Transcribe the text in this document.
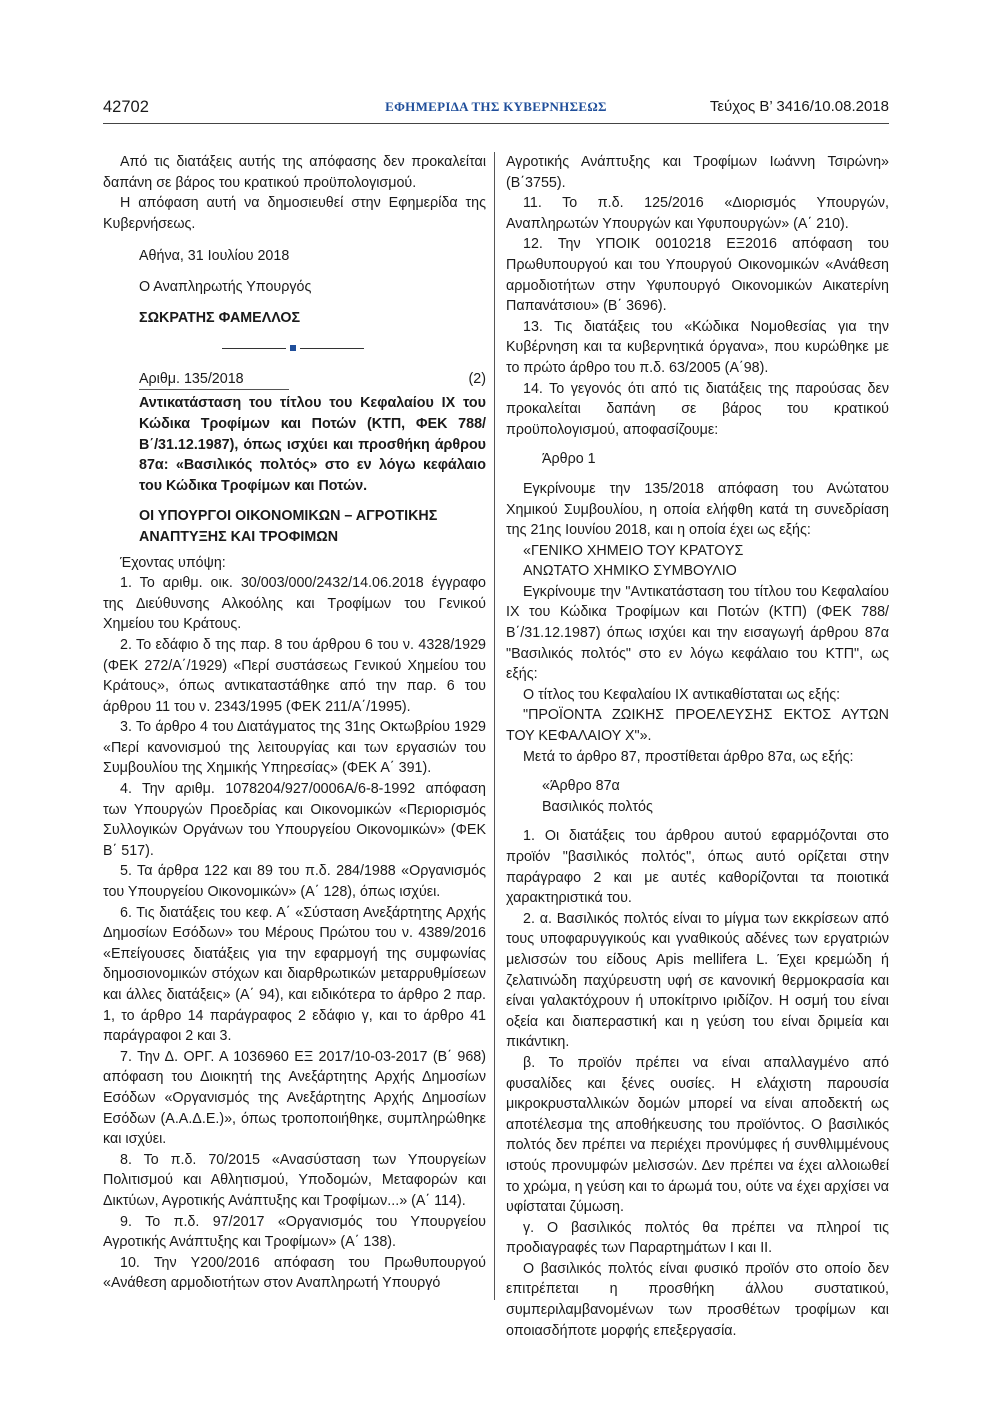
42702	ΕΦΗΜΕΡΙΔΑ ΤΗΣ ΚΥΒΕΡΝΗΣΕΩΣ	Τεύχος Β’ 3416/10.08.2018

Από τις διατάξεις αυτής της απόφασης δεν προκαλείται δαπάνη σε βάρος του κρατικού προϋπολογισμού.

Η απόφαση αυτή να δημοσιευθεί στην Εφημερίδα της Κυβερνήσεως.

Αθήνα, 31 Ιουλίου 2018

Ο Αναπληρωτής Υπουργός

ΣΩΚΡΑΤΗΣ ΦΑΜΕΛΛΟΣ

Αριθμ. 135/2018	(2)

Αντικατάσταση του τίτλου του Κεφαλαίου IX του Κώδικα Τροφίμων και Ποτών (ΚΤΠ, ΦΕΚ 788/ Β΄/31.12.1987), όπως ισχύει και προσθήκη άρθρου 87α: «Βασιλικός πολτός» στο εν λόγω κεφάλαιο του Κώδικα Τροφίμων και Ποτών.

ΟΙ ΥΠΟΥΡΓΟΙ ΟΙΚΟΝΟΜΙΚΩΝ – ΑΓΡΟΤΙΚΗΣ ΑΝΑΠΤΥΞΗΣ ΚΑΙ ΤΡΟΦΙΜΩΝ

Έχοντας υπόψη:

1. Το αριθμ. οικ. 30/003/000/2432/14.06.2018 έγγραφο της Διεύθυνσης Αλκοόλης και Τροφίμων του Γενικού Χημείου του Κράτους.

2. Το εδάφιο δ της παρ. 8 του άρθρου 6 του ν. 4328/1929 (ΦΕΚ 272/Α΄/1929) «Περί συστάσεως Γενικού Χημείου του Κράτους», όπως αντικαταστάθηκε από την παρ. 6 του άρθρου 11 του ν. 2343/1995 (ΦΕΚ 211/Α΄/1995).

3. Το άρθρο 4 του Διατάγματος της 31ης Οκτωβρίου 1929 «Περί κανονισμού της λειτουργίας και των εργασιών του Συμβουλίου της Χημικής Υπηρεσίας» (ΦΕΚ Α΄ 391).

4. Την αριθμ. 1078204/927/0006Α/6-8-1992 απόφαση των Υπουργών Προεδρίας και Οικονομικών «Περιορισμός Συλλογικών Οργάνων του Υπουργείου Οικονομικών» (ΦΕΚ Β΄ 517).

5. Τα άρθρα 122 και 89 του π.δ. 284/1988 «Οργανισμός του Υπουργείου Οικονομικών» (Α΄ 128), όπως ισχύει.

6. Τις διατάξεις του κεφ. Α΄ «Σύσταση Ανεξάρτητης Αρχής Δημοσίων Εσόδων» του Μέρους Πρώτου του ν. 4389/2016 «Επείγουσες διατάξεις για την εφαρμογή της συμφωνίας δημοσιονομικών στόχων και διαρθρωτικών μεταρρυθμίσεων και άλλες διατάξεις» (Α΄ 94), και ειδικότερα το άρθρο 2 παρ. 1, το άρθρο 14 παράγραφος 2 εδάφιο γ, και το άρθρο 41 παράγραφοι 2 και 3.

7. Την Δ. ΟΡΓ. Α 1036960 ΕΞ 2017/10-03-2017 (Β΄ 968) απόφαση του Διοικητή της Ανεξάρτητης Αρχής Δημοσίων Εσόδων «Οργανισμός της Ανεξάρτητης Αρχής Δημοσίων Εσόδων (Α.Α.Δ.Ε.)», όπως τροποποιήθηκε, συμπληρώθηκε και ισχύει.

8. Το π.δ. 70/2015 «Ανασύσταση των Υπουργείων Πολιτισμού και Αθλητισμού, Υποδομών, Μεταφορών και Δικτύων, Αγροτικής Ανάπτυξης και Τροφίμων...» (Α΄ 114).

9. Το π.δ. 97/2017 «Οργανισμός του Υπουργείου Αγροτικής Ανάπτυξης και Τροφίμων» (Α΄ 138).

10. Την Υ200/2016 απόφαση του Πρωθυπουργού «Ανάθεση αρμοδιοτήτων στον Αναπληρωτή Υπουργό

Αγροτικής Ανάπτυξης και Τροφίμων Ιωάννη Τσιρώνη» (Β΄3755).

11. Το π.δ. 125/2016 «Διορισμός Υπουργών, Αναπληρωτών Υπουργών και Υφυπουργών» (Α΄ 210).

12. Την ΥΠΟΙΚ 0010218 ΕΞ2016 απόφαση του Πρωθυπουργού και του Υπουργού Οικονομικών «Ανάθεση αρμοδιοτήτων στην Υφυπουργό Οικονομικών Αικατερίνη Παπανάτσιου» (Β΄ 3696).

13. Τις διατάξεις του «Κώδικα Νομοθεσίας για την Κυβέρνηση και τα κυβερνητικά όργανα», που κυρώθηκε με το πρώτο άρθρο του π.δ. 63/2005 (Α΄98).

14. Το γεγονός ότι από τις διατάξεις της παρούσας δεν προκαλείται δαπάνη σε βάρος του κρατικού προϋπολογισμού, αποφασίζουμε:

Άρθρο 1

Εγκρίνουμε την 135/2018 απόφαση του Ανώτατου Χημικού Συμβουλίου, η οποία ελήφθη κατά τη συνεδρίαση της 21ης Ιουνίου 2018, και η οποία έχει ως εξής:

«ΓΕΝΙΚΟ ΧΗΜΕΙΟ ΤΟΥ ΚΡΑΤΟΥΣ

ΑΝΩΤΑΤΟ ΧΗΜΙΚΟ ΣΥΜΒΟΥΛΙΟ

Εγκρίνουμε την "Αντικατάσταση του τίτλου του Κεφαλαίου IX του Κώδικα Τροφίμων και Ποτών (ΚΤΠ) (ΦΕΚ 788/Β΄/31.12.1987) όπως ισχύει και την εισαγωγή άρθρου 87α "Βασιλικός πολτός" στο εν λόγω κεφάλαιο του ΚΤΠ", ως εξής:

Ο τίτλος του Κεφαλαίου IX αντικαθίσταται ως εξής:

"ΠΡΟΪΟΝΤΑ ΖΩΙΚΗΣ ΠΡΟΕΛΕΥΣΗΣ ΕΚΤΟΣ ΑΥΤΩΝ ΤΟΥ ΚΕΦΑΛΑΙΟΥ Χ"».

Μετά το άρθρο 87, προστίθεται άρθρο 87α, ως εξής:

«Άρθρο 87α

Βασιλικός πολτός

1. Οι διατάξεις του άρθρου αυτού εφαρμόζονται στο προϊόν "βασιλικός πολτός", όπως αυτό ορίζεται στην παράγραφο 2 και με αυτές καθορίζονται τα ποιοτικά χαρακτηριστικά του.

2. α. Βασιλικός πολτός είναι το μίγμα των εκκρίσεων από τους υποφαρυγγικούς και γναθικούς αδένες των εργατριών μελισσών του είδους Apis mellifera L. Έχει κρεμώδη ή ζελατινώδη παχύρευστη υφή σε κανονική θερμοκρασία και είναι γαλακτόχρουν ή υποκίτρινο ιριδίζον. Η οσμή του είναι οξεία και διαπεραστική και η γεύση του είναι δριμεία και πικάντικη.

β. Το προϊόν πρέπει να είναι απαλλαγμένο από φυσαλίδες και ξένες ουσίες. Η ελάχιστη παρουσία μικροκρυσταλλικών δομών μπορεί να είναι αποδεκτή ως αποτέλεσμα της αποθήκευσης του προϊόντος. Ο βασιλικός πολτός δεν πρέπει να περιέχει προνύμφες ή συνθλιμμένους ιστούς προνυμφών μελισσών. Δεν πρέπει να έχει αλλοιωθεί το χρώμα, η γεύση και το άρωμά του, ούτε να έχει αρχίσει να υφίσταται ζύμωση.

γ. Ο βασιλικός πολτός θα πρέπει να πληροί τις προδιαγραφές των Παραρτημάτων I και II.

Ο βασιλικός πολτός είναι φυσικό προϊόν στο οποίο δεν επιτρέπεται η προσθήκη άλλου συστατικού, συμπεριλαμβανομένων των προσθέτων τροφίμων και οποιασδήποτε μορφής επεξεργασία.
